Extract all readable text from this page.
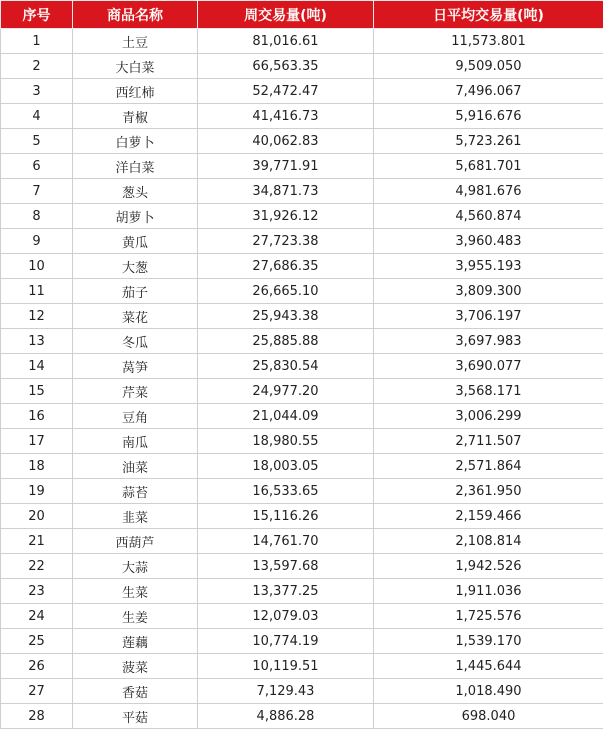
序号	商品名称	周交易量(吨)	日平均交易量(吨)
1	土豆	81,016.61	11,573.801
2	大白菜	66,563.35	9,509.050
3	西红柿	52,472.47	7,496.067
4	青椒	41,416.73	5,916.676
5	白萝卜	40,062.83	5,723.261
6	洋白菜	39,771.91	5,681.701
7	葱头	34,871.73	4,981.676
8	胡萝卜	31,926.12	4,560.874
9	黄瓜	27,723.38	3,960.483
10	大葱	27,686.35	3,955.193
11	茄子	26,665.10	3,809.300
12	菜花	25,943.38	3,706.197
13	冬瓜	25,885.88	3,697.983
14	莴笋	25,830.54	3,690.077
15	芹菜	24,977.20	3,568.171
16	豆角	21,044.09	3,006.299
17	南瓜	18,980.55	2,711.507
18	油菜	18,003.05	2,571.864
19	蒜苔	16,533.65	2,361.950
20	韭菜	15,116.26	2,159.466
21	西葫芦	14,761.70	2,108.814
22	大蒜	13,597.68	1,942.526
23	生菜	13,377.25	1,911.036
24	生姜	12,079.03	1,725.576
25	莲藕	10,774.19	1,539.170
26	菠菜	10,119.51	1,445.644
27	香菇	7,129.43	1,018.490
28	平菇	4,886.28	698.040
